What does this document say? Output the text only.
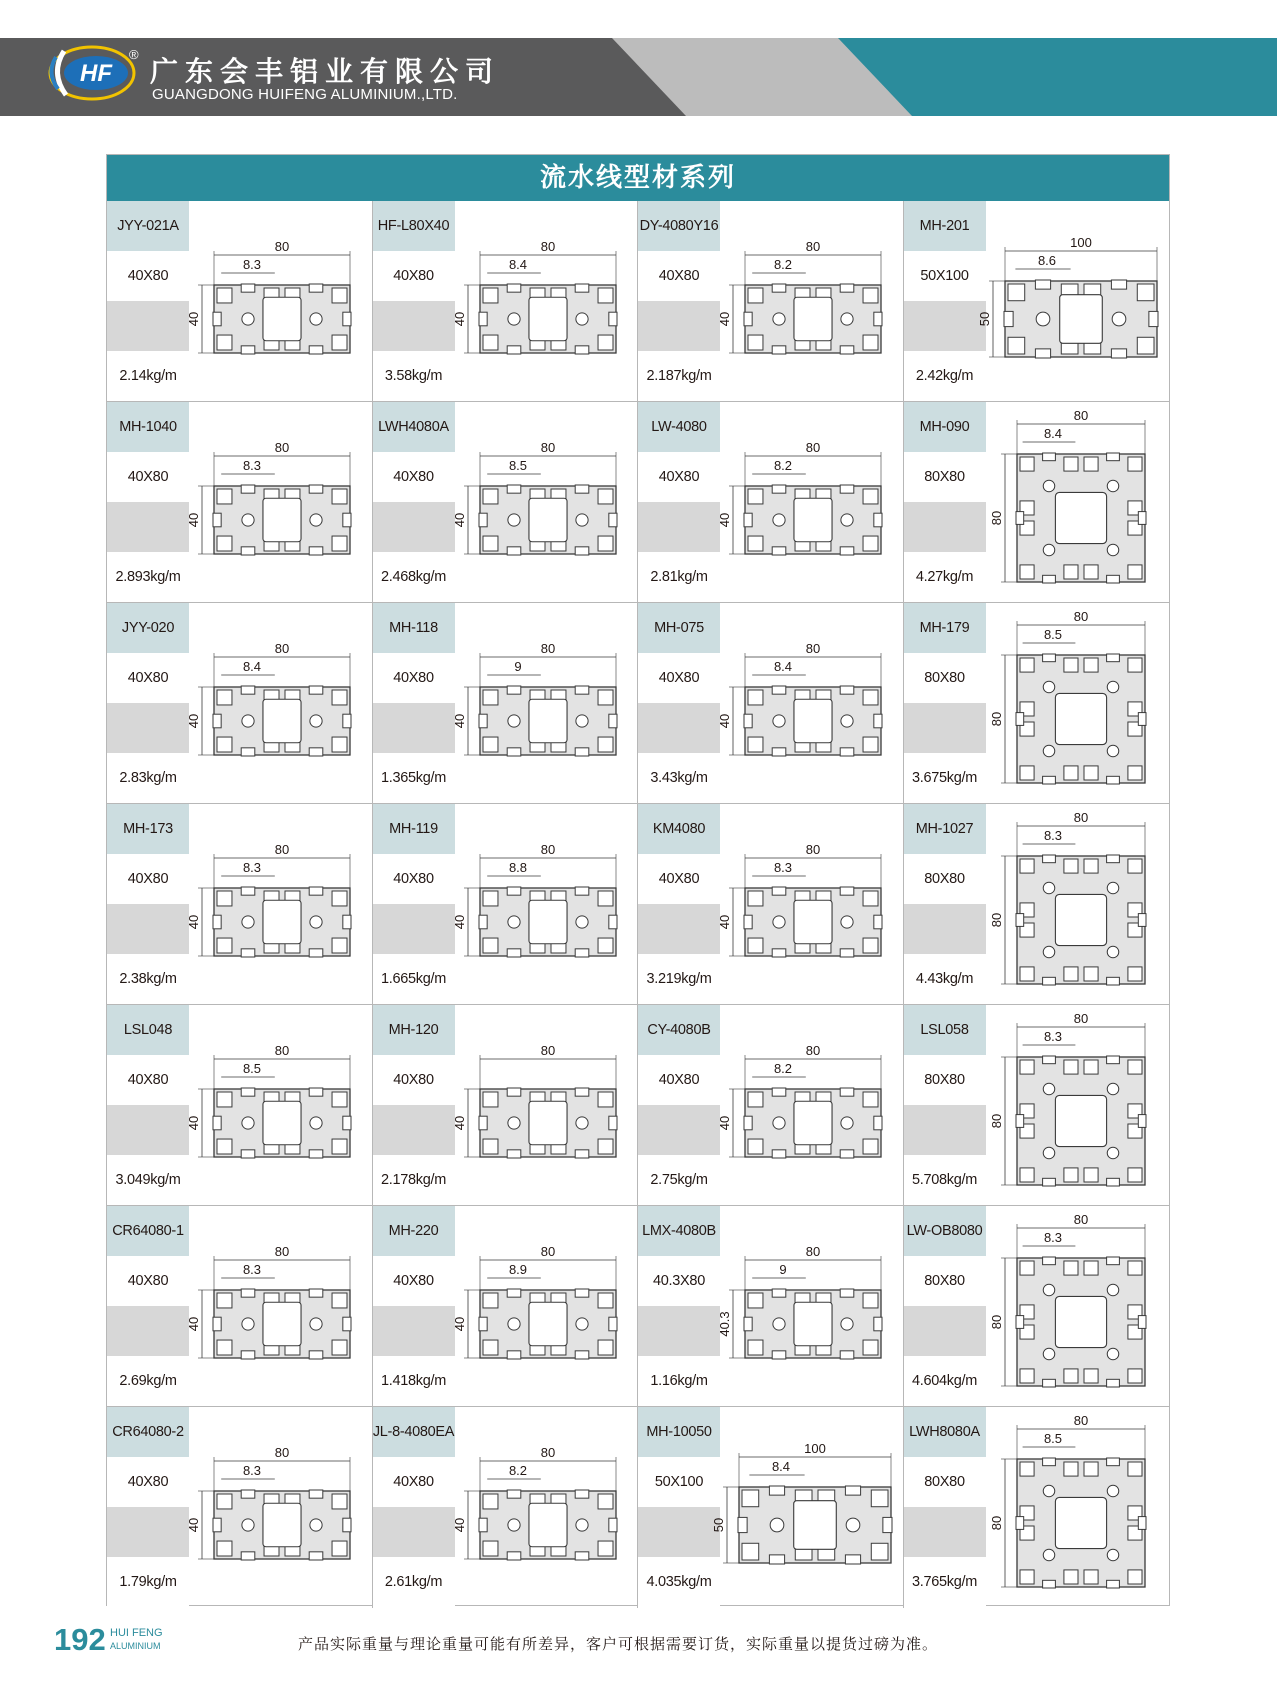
HF
®
广东会丰铝业有限公司
GUANGDONG HUIFENG ALUMINIUM.,LTD.
流水线型材系列
JYY-021A
40X80
2.14kg/m
80
8.3
40
HF-L80X40
40X80
3.58kg/m
80
8.4
40
DY-4080Y16
40X80
2.187kg/m
80
8.2
40
MH-201
50X100
2.42kg/m
100
8.6
50
MH-1040
40X80
2.893kg/m
80
8.3
40
LWH4080A
40X80
2.468kg/m
80
8.5
40
LW-4080
40X80
2.81kg/m
80
8.2
40
MH-090
80X80
4.27kg/m
80
8.4
80
JYY-020
40X80
2.83kg/m
80
8.4
40
MH-118
40X80
1.365kg/m
80
9
40
MH-075
40X80
3.43kg/m
80
8.4
40
MH-179
80X80
3.675kg/m
80
8.5
80
MH-173
40X80
2.38kg/m
80
8.3
40
MH-119
40X80
1.665kg/m
80
8.8
40
KM4080
40X80
3.219kg/m
80
8.3
40
MH-1027
80X80
4.43kg/m
80
8.3
80
LSL048
40X80
3.049kg/m
80
8.5
40
MH-120
40X80
2.178kg/m
80
40
CY-4080B
40X80
2.75kg/m
80
8.2
40
LSL058
80X80
5.708kg/m
80
8.3
80
CR64080-1
40X80
2.69kg/m
80
8.3
40
MH-220
40X80
1.418kg/m
80
8.9
40
LMX-4080B
40.3X80
1.16kg/m
80
9
40.3
LW-OB8080
80X80
4.604kg/m
80
8.3
80
CR64080-2
40X80
1.79kg/m
80
8.3
40
JL-8-4080EA
40X80
2.61kg/m
80
8.2
40
MH-10050
50X100
4.035kg/m
100
8.4
50
LWH8080A
80X80
3.765kg/m
80
8.5
80
192 HUI FENG
ALUMINIUM	产品实际重量与理论重量可能有所差异，客户可根据需要订货，实际重量以提货过磅为准。
